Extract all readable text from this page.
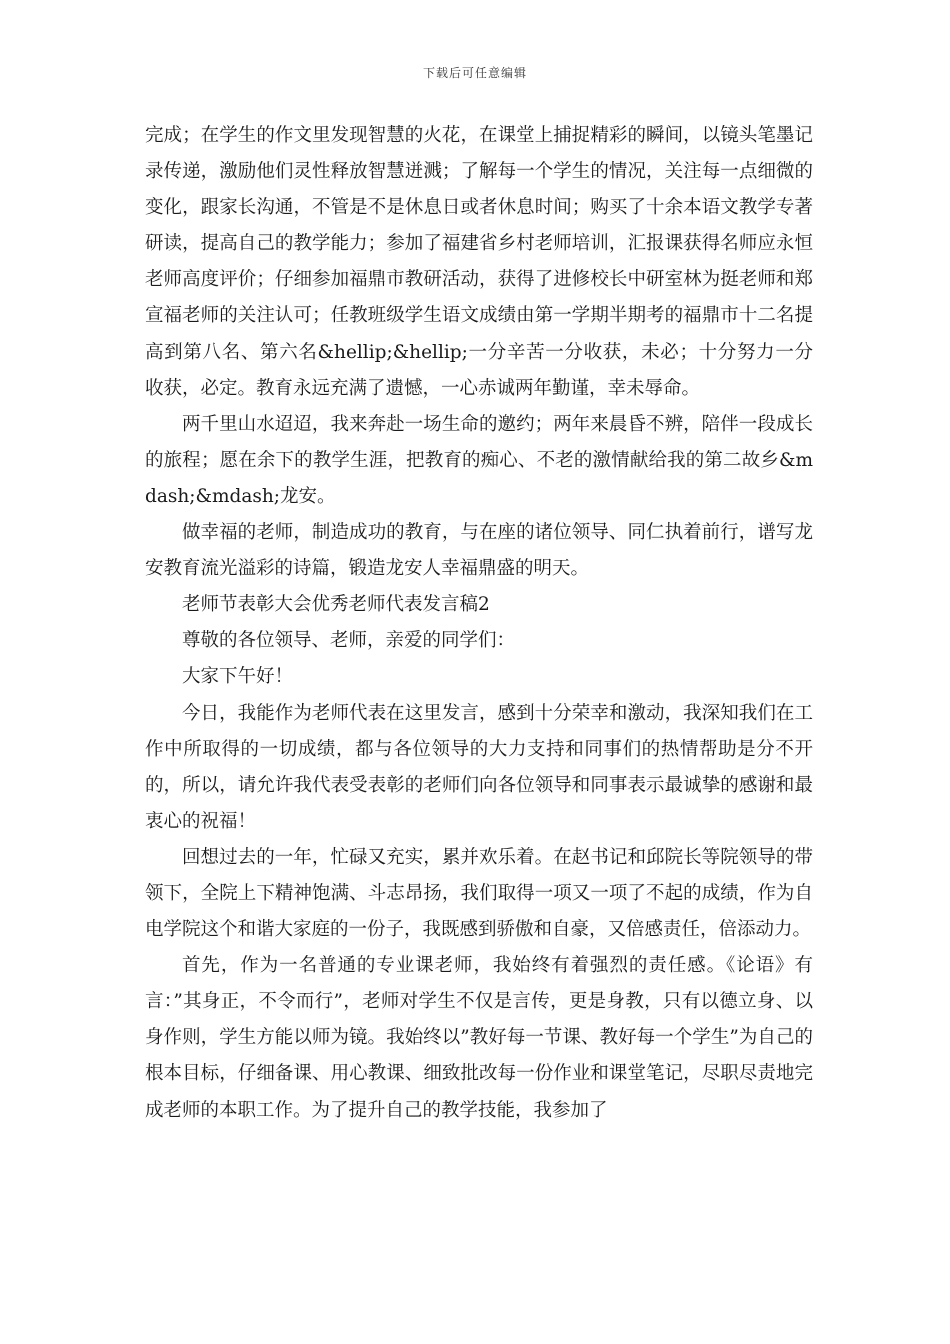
下载后可任意编辑

完成；在学生的作文里发现智慧的火花，在课堂上捕捉精彩的瞬间，以镜头笔墨记录传递，激励他们灵性释放智慧迸溅；了解每一个学生的情况，关注每一点细微的变化，跟家长沟通，不管是不是休息日或者休息时间；购买了十余本语文教学专著研读，提高自己的教学能力；参加了福建省乡村老师培训，汇报课获得名师应永恒老师高度评价；仔细参加福鼎市教研活动，获得了进修校长中研室林为挺老师和郑宣福老师的关注认可；任教班级学生语文成绩由第一学期半期考的福鼎市十二名提高到第八名、第六名&hellip;&hellip;一分辛苦一分收获，未必；十分努力一分收获，必定。教育永远充满了遗憾，一心赤诚两年勤谨，幸未辱命。

两千里山水迢迢，我来奔赴一场生命的邀约；两年来晨昏不辨，陪伴一段成长的旅程；愿在余下的教学生涯，把教育的痴心、不老的激情献给我的第二故乡&mdash;&mdash;龙安。

做幸福的老师，制造成功的教育，与在座的诸位领导、同仁执着前行，谱写龙安教育流光溢彩的诗篇，锻造龙安人幸福鼎盛的明天。

老师节表彰大会优秀老师代表发言稿2

尊敬的各位领导、老师，亲爱的同学们：

大家下午好！

今日，我能作为老师代表在这里发言，感到十分荣幸和激动，我深知我们在工作中所取得的一切成绩，都与各位领导的大力支持和同事们的热情帮助是分不开的，所以，请允许我代表受表彰的老师们向各位领导和同事表示最诚挚的感谢和最衷心的祝福！

回想过去的一年，忙碌又充实，累并欢乐着。在赵书记和邱院长等院领导的带领下，全院上下精神饱满、斗志昂扬，我们取得一项又一项了不起的成绩，作为自电学院这个和谐大家庭的一份子，我既感到骄傲和自豪，又倍感责任，倍添动力。

首先，作为一名普通的专业课老师，我始终有着强烈的责任感。《论语》有言：”其身正，不令而行”，老师对学生不仅是言传，更是身教，只有以德立身、以身作则，学生方能以师为镜。我始终以”教好每一节课、教好每一个学生”为自己的根本目标，仔细备课、用心教课、细致批改每一份作业和课堂笔记，尽职尽责地完成老师的本职工作。为了提升自己的教学技能，我参加了
